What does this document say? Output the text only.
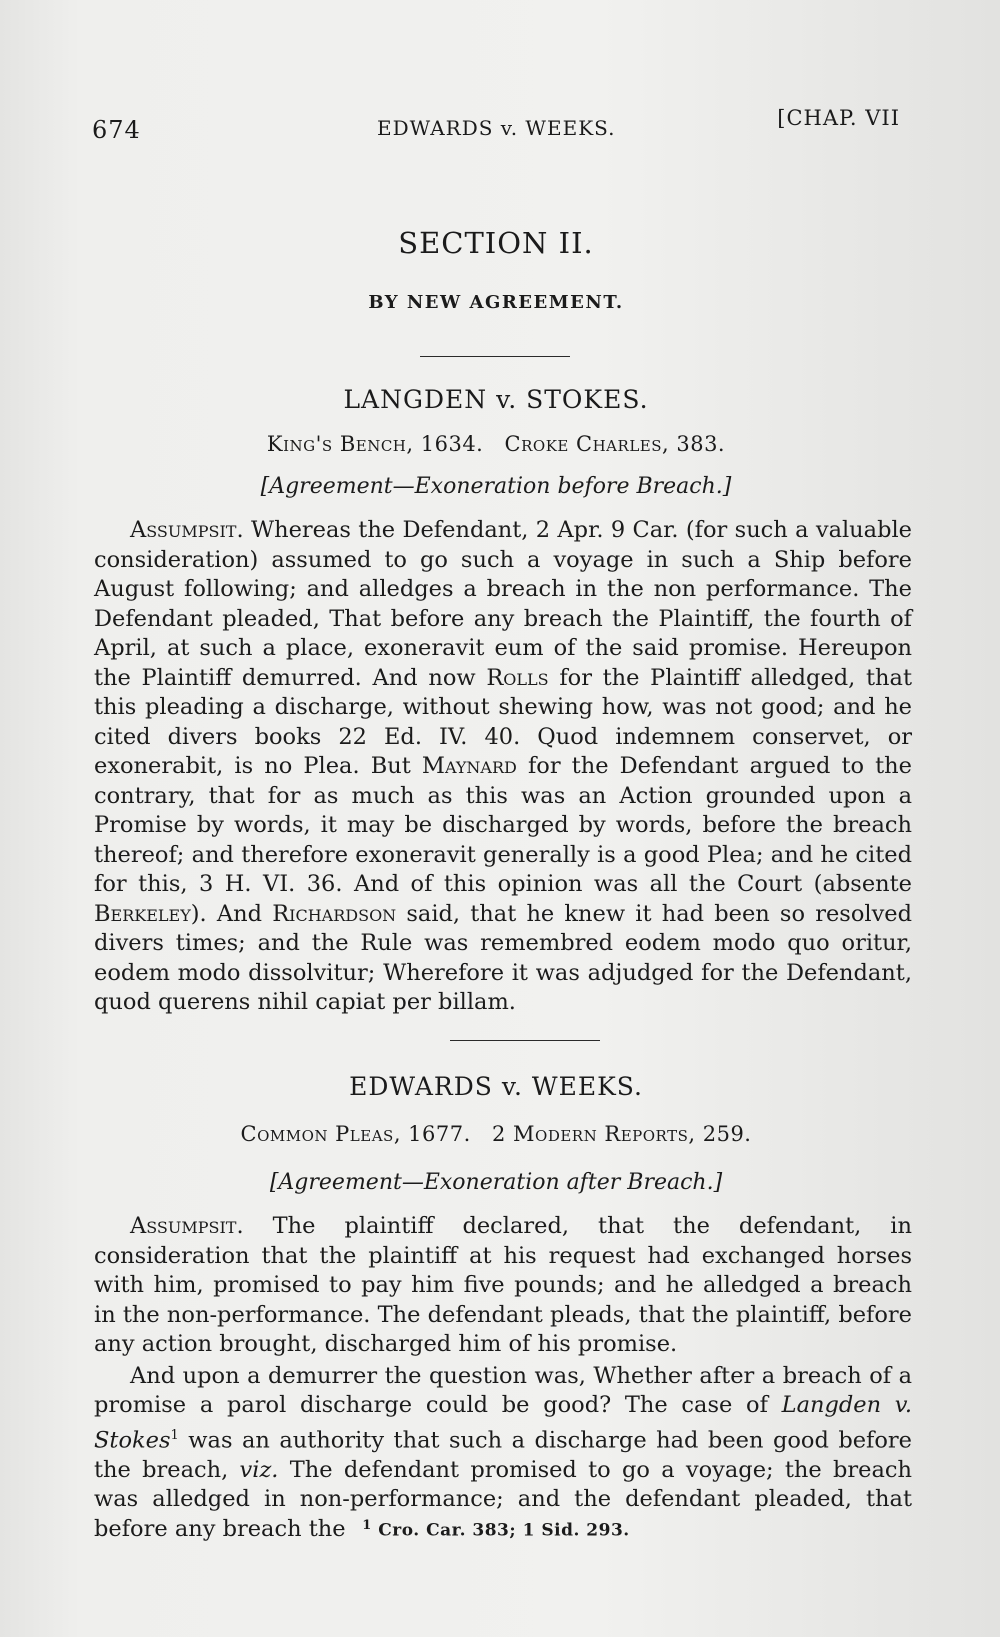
674	EDWARDS v. WEEKS.	[CHAP. VII
SECTION II.
BY NEW AGREEMENT.
LANGDEN v. STOKES.
King's Bench, 1634. Croke Charles, 383.
[Agreement—Exoneration before Breach.]

Assumpsit. Whereas the Defendant, 2 Apr. 9 Car. (for such a valuable consideration) assumed to go such a voyage in such a Ship before August following; and alledges a breach in the non performance. The Defendant pleaded, That before any breach the Plaintiff, the fourth of April, at such a place, exoneravit eum of the said promise. Hereupon the Plaintiff demurred. And now Rolls for the Plaintiff alledged, that this pleading a discharge, without shewing how, was not good; and he cited divers books 22 Ed. IV. 40. Quod indemnem conservet, or exonerabit, is no Plea. But Maynard for the Defendant argued to the contrary, that for as much as this was an Action grounded upon a Promise by words, it may be discharged by words, before the breach thereof; and therefore exoneravit generally is a good Plea; and he cited for this, 3 H. VI. 36. And of this opinion was all the Court (absente Berkeley). And Richardson said, that he knew it had been so resolved divers times; and the Rule was remembred eodem modo quo oritur, eodem modo dissolvitur; Wherefore it was adjudged for the Defendant, quod querens nihil capiat per billam.

EDWARDS v. WEEKS.
Common Pleas, 1677. 2 Modern Reports, 259.
[Agreement—Exoneration after Breach.]

Assumpsit. The plaintiff declared, that the defendant, in consideration that the plaintiff at his request had exchanged horses with him, promised to pay him five pounds; and he alledged a breach in the non-performance. The defendant pleads, that the plaintiff, before any action brought, discharged him of his promise.

And upon a demurrer the question was, Whether after a breach of a promise a parol discharge could be good? The case of Langden v. Stokes$^1$ was an authority that such a discharge had been good before the breach, viz. The defendant promised to go a voyage; the breach was alledged in non-performance; and the defendant pleaded, that before any breach the	$^1$ Cro. Car. 383; 1 Sid. 293.
